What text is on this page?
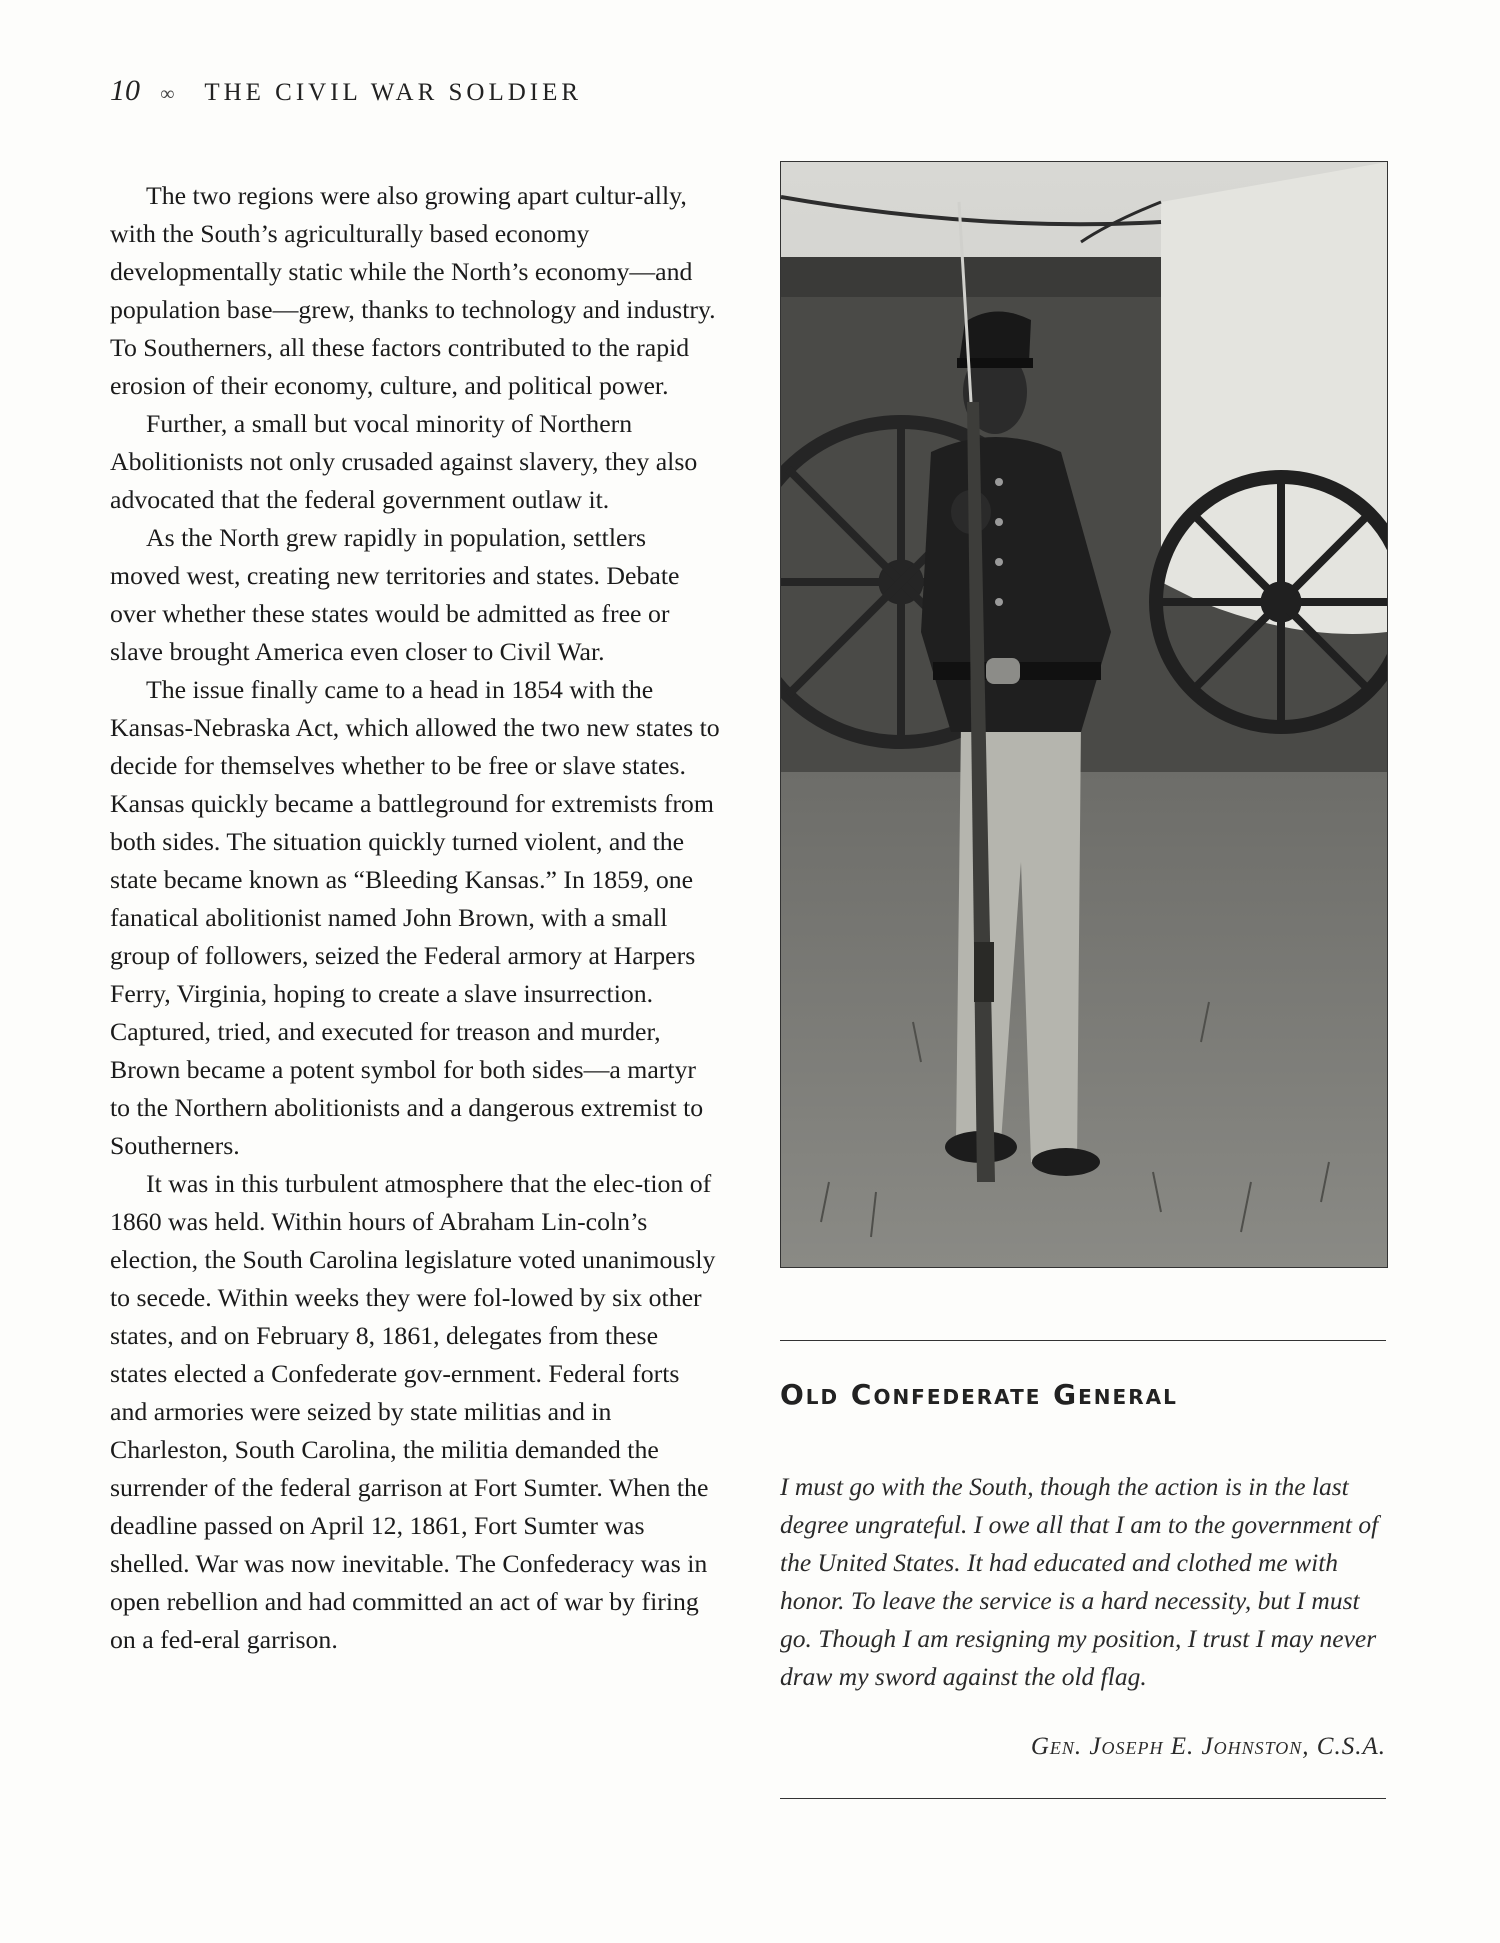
10 ∞ THE CIVIL WAR SOLDIER

The two regions were also growing apart cultur-ally, with the South’s agriculturally based economy developmentally static while the North’s economy—and population base—grew, thanks to technology and industry. To Southerners, all these factors contributed to the rapid erosion of their economy, culture, and political power.

Further, a small but vocal minority of Northern Abolitionists not only crusaded against slavery, they also advocated that the federal government outlaw it.

As the North grew rapidly in population, settlers moved west, creating new territories and states. Debate over whether these states would be admitted as free or slave brought America even closer to Civil War.

The issue finally came to a head in 1854 with the Kansas-Nebraska Act, which allowed the two new states to decide for themselves whether to be free or slave states. Kansas quickly became a battleground for extremists from both sides. The situation quickly turned violent, and the state became known as “Bleeding Kansas.” In 1859, one fanatical abolitionist named John Brown, with a small group of followers, seized the Federal armory at Harpers Ferry, Virginia, hoping to create a slave insurrection. Captured, tried, and executed for treason and murder, Brown became a potent symbol for both sides—a martyr to the Northern abolitionists and a dangerous extremist to Southerners.

It was in this turbulent atmosphere that the elec-tion of 1860 was held. Within hours of Abraham Lin-coln’s election, the South Carolina legislature voted unanimously to secede. Within weeks they were fol-lowed by six other states, and on February 8, 1861, delegates from these states elected a Confederate gov-ernment. Federal forts and armories were seized by state militias and in Charleston, South Carolina, the militia demanded the surrender of the federal garrison at Fort Sumter. When the deadline passed on April 12, 1861, Fort Sumter was shelled. War was now inevitable. The Confederacy was in open rebellion and had committed an act of war by firing on a fed-eral garrison.

Old Confederate General
I must go with the South, though the action is in the last degree ungrateful. I owe all that I am to the government of the United States. It had educated and clothed me with honor. To leave the service is a hard necessity, but I must go. Though I am resigning my position, I trust I may never draw my sword against the old flag.
Gen. Joseph E. Johnston, C.S.A.
